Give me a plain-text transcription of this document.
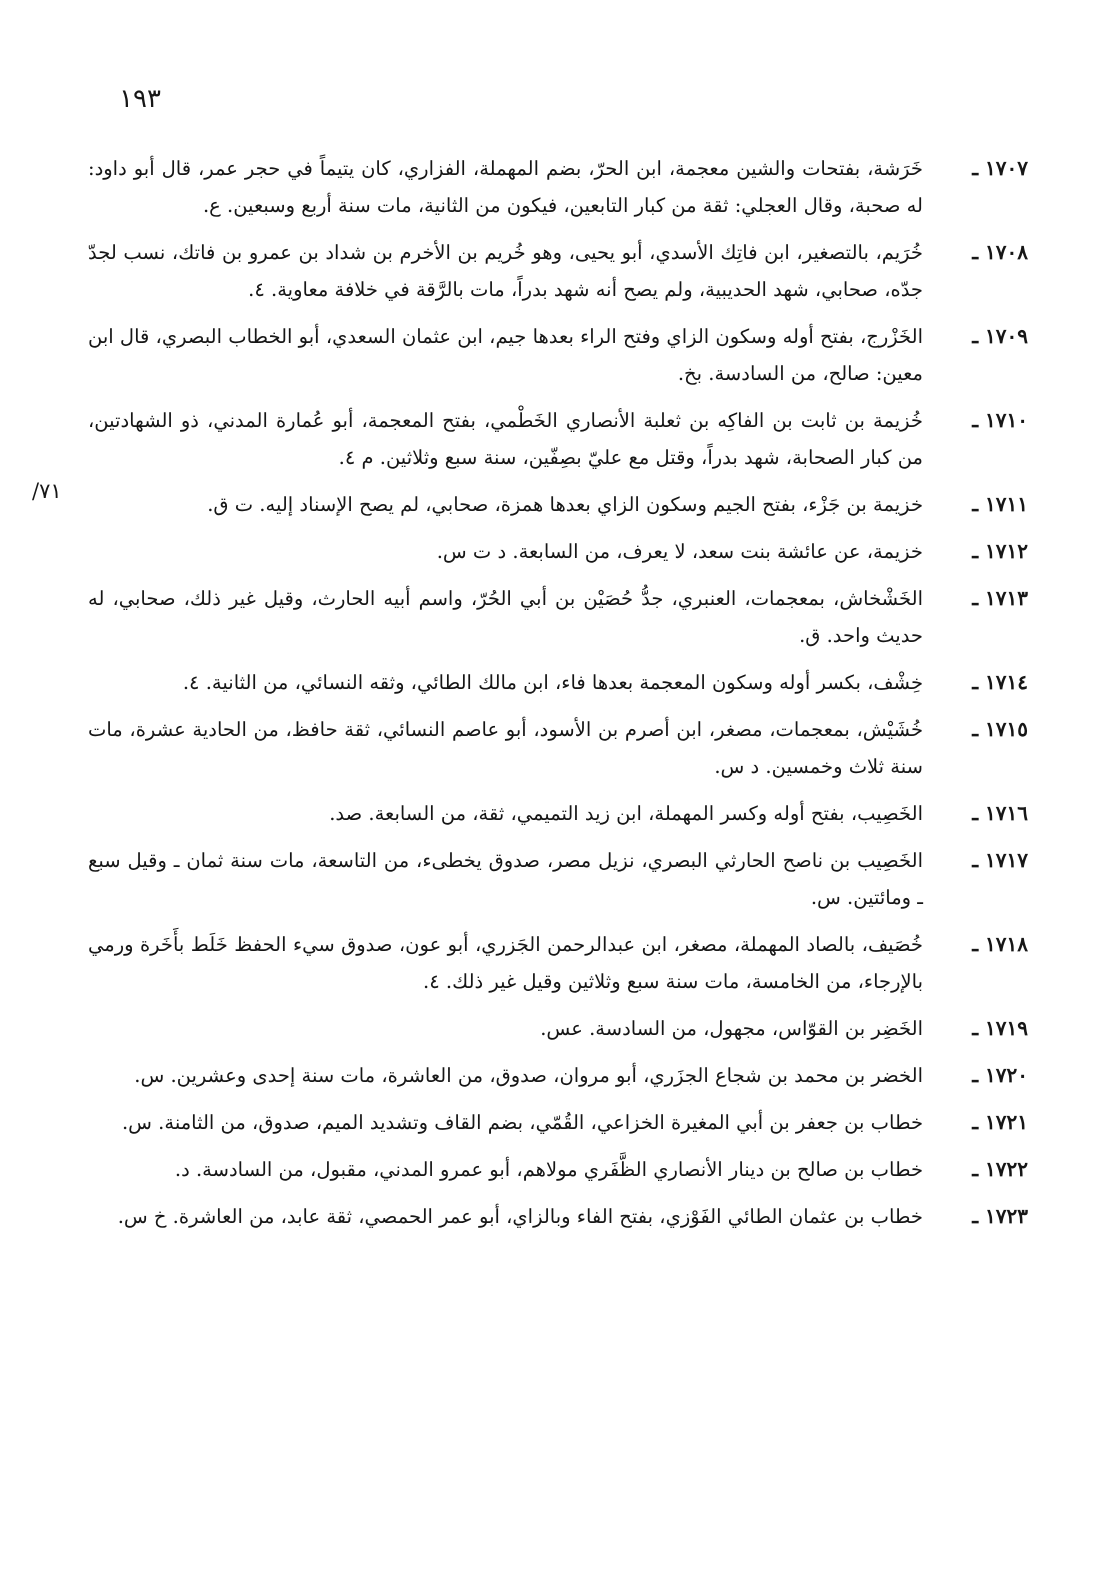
١٩٣
٧١/
١٧٠٧ ـ
خَرَشة، بفتحات والشين معجمة، ابن الحرّ، بضم المهملة، الفزاري، كان يتيماً في حجر عمر، قال أبو داود: له صحبة، وقال العجلي: ثقة من كبار التابعين، فيكون من الثانية، مات سنة أربع وسبعين. ع.
١٧٠٨ ـ
خُرَيم، بالتصغير، ابن فاتِك الأسدي، أبو يحيى، وهو خُريم بن الأخرم بن شداد بن عمرو بن فاتك، نسب لجدّ جدّه، صحابي، شهد الحديبية، ولم يصح أنه شهد بدراً، مات بالرَّقة في خلافة معاوية. ٤.
١٧٠٩ ـ
الخَزْرج، بفتح أوله وسكون الزاي وفتح الراء بعدها جيم، ابن عثمان السعدي، أبو الخطاب البصري، قال ابن معين: صالح، من السادسة. بخ.
١٧١٠ ـ
خُزيمة بن ثابت بن الفاكِه بن ثعلبة الأنصاري الخَطْمي، بفتح المعجمة، أبو عُمارة المدني، ذو الشهادتين، من كبار الصحابة، شهد بدراً، وقتل مع عليّ بصِفّين، سنة سبع وثلاثين. م ٤.
١٧١١ ـ
خزيمة بن جَزْء، بفتح الجيم وسكون الزاي بعدها همزة، صحابي، لم يصح الإسناد إليه. ت ق.
١٧١٢ ـ
خزيمة، عن عائشة بنت سعد، لا يعرف، من السابعة. د ت س.
١٧١٣ ـ
الخَشْخاش، بمعجمات، العنبري، جدُّ حُصَيْن بن أبي الحُرّ، واسم أبيه الحارث، وقيل غير ذلك، صحابي، له حديث واحد. ق.
١٧١٤ ـ
خِشْف، بكسر أوله وسكون المعجمة بعدها فاء، ابن مالك الطائي، وثقه النسائي، من الثانية. ٤.
١٧١٥ ـ
خُشَيْش، بمعجمات، مصغر، ابن أصرم بن الأسود، أبو عاصم النسائي، ثقة حافظ، من الحادية عشرة، مات سنة ثلاث وخمسين. د س.
١٧١٦ ـ
الخَصِيب، بفتح أوله وكسر المهملة، ابن زيد التميمي، ثقة، من السابعة. صد.
١٧١٧ ـ
الخَصِيب بن ناصح الحارثي البصري، نزيل مصر، صدوق يخطىء، من التاسعة، مات سنة ثمان ـ وقيل سبع ـ ومائتين. س.
١٧١٨ ـ
خُصَيف، بالصاد المهملة، مصغر، ابن عبدالرحمن الجَزري، أبو عون، صدوق سيء الحفظ خَلَط بأَخَرة ورمي بالإرجاء، من الخامسة، مات سنة سبع وثلاثين وقيل غير ذلك. ٤.
١٧١٩ ـ
الخَضِر بن القوّاس، مجهول، من السادسة. عس.
١٧٢٠ ـ
الخضر بن محمد بن شجاع الجزَري، أبو مروان، صدوق، من العاشرة، مات سنة إحدى وعشرين. س.
١٧٢١ ـ
خطاب بن جعفر بن أبي المغيرة الخزاعي، القُمّي، بضم القاف وتشديد الميم، صدوق، من الثامنة. س.
١٧٢٢ ـ
خطاب بن صالح بن دينار الأنصاري الظَّفَري مولاهم، أبو عمرو المدني، مقبول، من السادسة. د.
١٧٢٣ ـ
خطاب بن عثمان الطائي الفَوْزي، بفتح الفاء وبالزاي، أبو عمر الحمصي، ثقة عابد، من العاشرة. خ س.
